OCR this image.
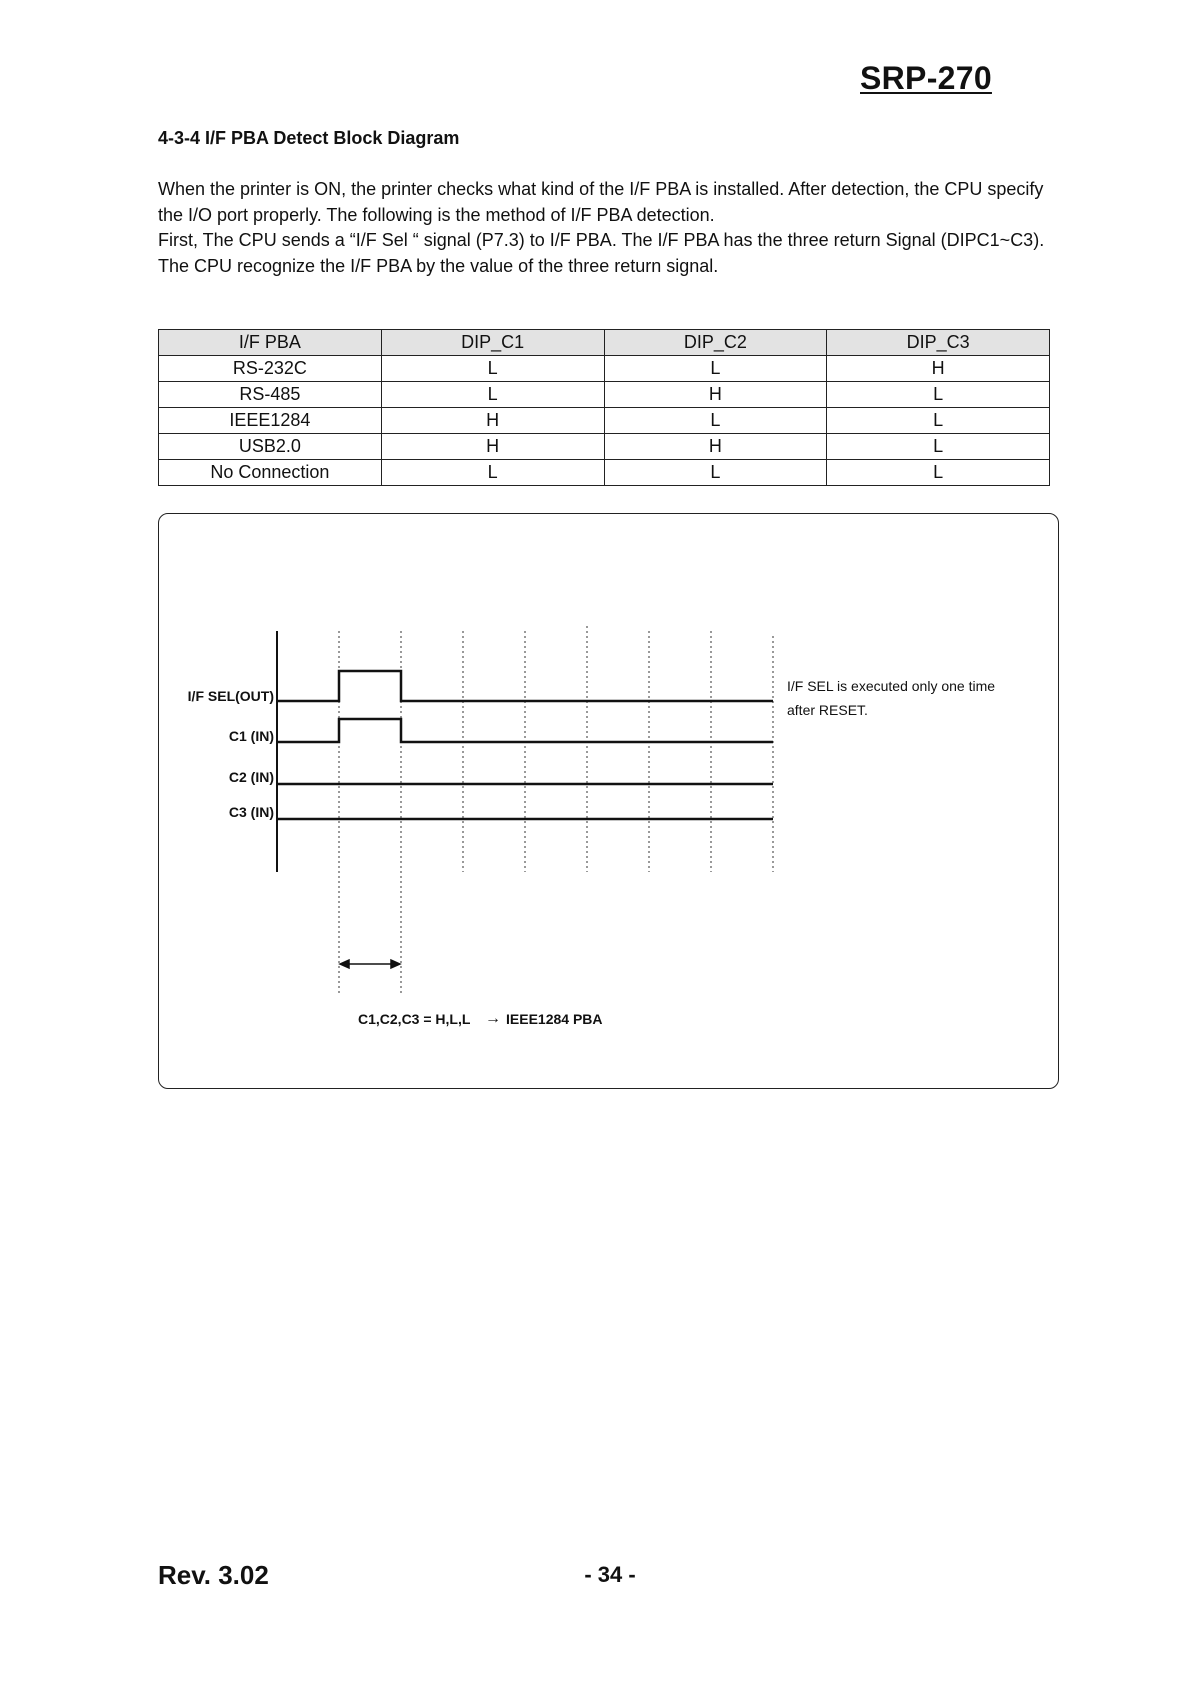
SRP-270
4-3-4 I/F PBA Detect Block Diagram

When the printer is ON, the printer checks what kind of the I/F PBA is installed. After detection, the CPU specify the I/O port properly. The following is the method of I/F PBA detection.

First, The CPU sends a “I/F Sel “ signal (P7.3) to I/F PBA. The I/F PBA has the three return Signal (DIPC1~C3).

The CPU recognize the I/F PBA by the value of the three return signal.

I/F PBA	DIP_C1	DIP_C2	DIP_C3
RS-232C	L	L	H
RS-485	L	H	L
IEEE1284	H	L	L
USB2.0	H	H	L
No Connection	L	L	L
I/F SEL(OUT)
C1 (IN)
C2 (IN)
C3 (IN)
I/F SEL is executed only one time
after RESET.
C1,C2,C3 = H,L,L → IEEE1284 PBA
Rev. 3.02	- 34 -
